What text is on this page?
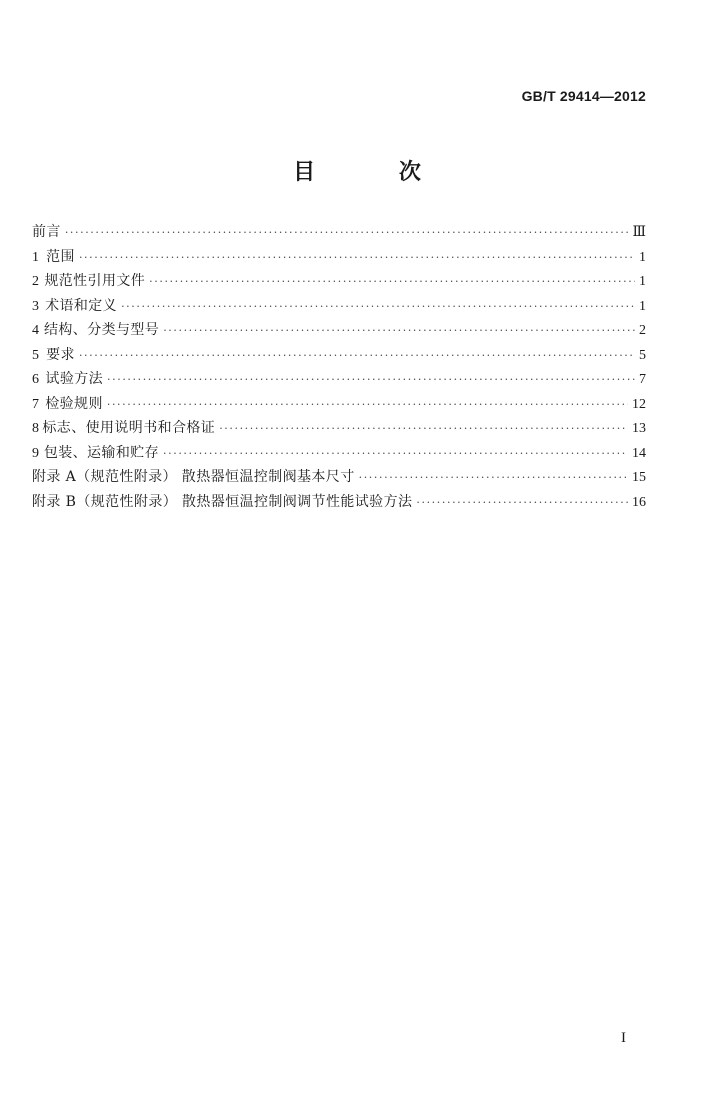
GB/T 29414—2012
目 次
前言 ·····	Ⅲ
1 范围 ·····	1
2 规范性引用文件 ·····	1
3 术语和定义 ·····	1
4 结构、分类与型号 ·····	2
5 要求 ·····	5
6 试验方法 ·····	7
7 检验规则 ·····	12
8 标志、使用说明书和合格证 ·····	13
9 包装、运输和贮存 ·····	14
附录 A（规范性附录） 散热器恒温控制阀基本尺寸 ·····	15
附录 B（规范性附录） 散热器恒温控制阀调节性能试验方法 ·····	16
I
